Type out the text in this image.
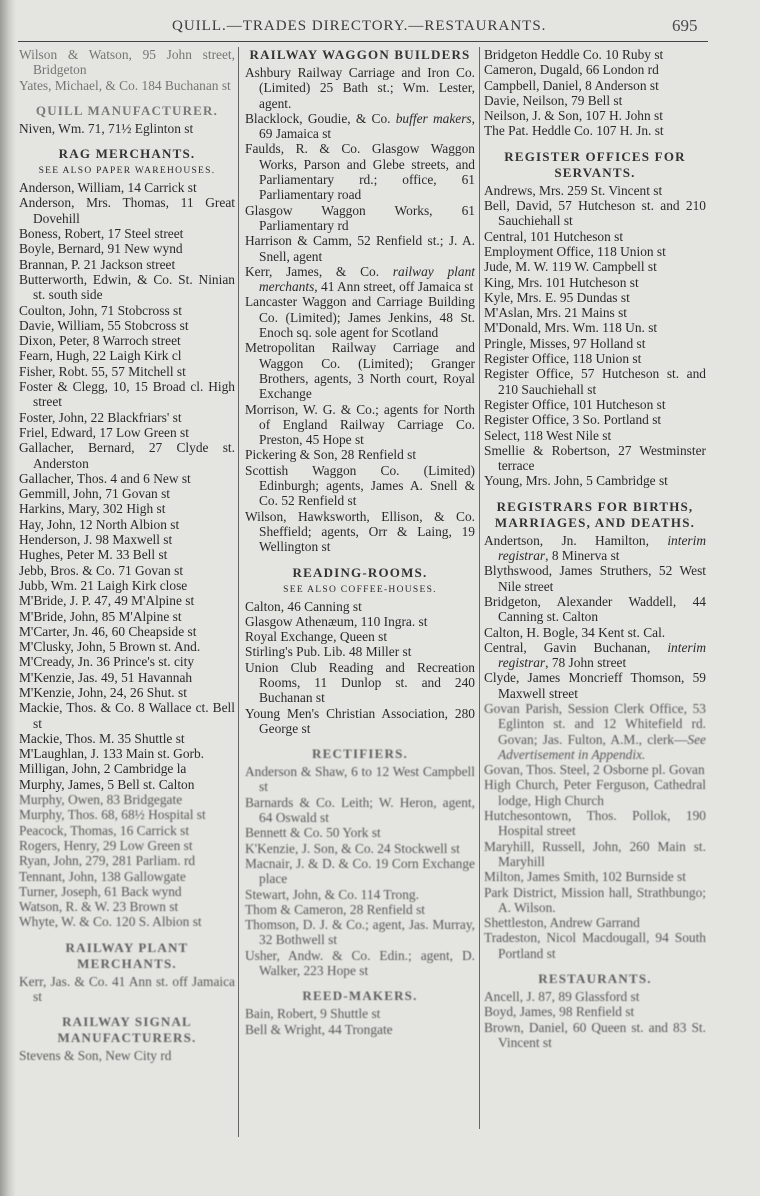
QUILL.—TRADES DIRECTORY.—RESTAURANTS.	695
Wilson & Watson, 95 John street, Bridgeton
Yates, Michael, & Co. 184 Buchanan st
QUILL MANUFACTURER.
Niven, Wm. 71, 71½ Eglinton st
RAG MERCHANTS.
SEE ALSO PAPER WAREHOUSES.
Anderson, William, 14 Carrick st
Anderson, Mrs. Thomas, 11 Great Dovehill
Boness, Robert, 17 Steel street
Boyle, Bernard, 91 New wynd
Brannan, P. 21 Jackson street
Butterworth, Edwin, & Co. St. Ninian st. south side
Coulton, John, 71 Stobcross st
Davie, William, 55 Stobcross st
Dixon, Peter, 8 Warroch street
Fearn, Hugh, 22 Laigh Kirk cl
Fisher, Robt. 55, 57 Mitchell st
Foster & Clegg, 10, 15 Broad cl. High street
Foster, John, 22 Blackfriars' st
Friel, Edward, 17 Low Green st
Gallacher, Bernard, 27 Clyde st. Anderston
Gallacher, Thos. 4 and 6 New st
Gemmill, John, 71 Govan st
Harkins, Mary, 302 High st
Hay, John, 12 North Albion st
Henderson, J. 98 Maxwell st
Hughes, Peter M. 33 Bell st
Jebb, Bros. & Co. 71 Govan st
Jubb, Wm. 21 Laigh Kirk close
M'Bride, J. P. 47, 49 M'Alpine st
M'Bride, John, 85 M'Alpine st
M'Carter, Jn. 46, 60 Cheapside st
M'Clusky, John, 5 Brown st. And.
M'Cready, Jn. 36 Prince's st. city
M'Kenzie, Jas. 49, 51 Havannah
M'Kenzie, John, 24, 26 Shut. st
Mackie, Thos. & Co. 8 Wallace ct. Bell st
Mackie, Thos. M. 35 Shuttle st
M'Laughlan, J. 133 Main st. Gorb.
Milligan, John, 2 Cambridge la
Murphy, James, 5 Bell st. Calton
Murphy, Owen, 83 Bridgegate
Murphy, Thos. 68, 68½ Hospital st
Peacock, Thomas, 16 Carrick st
Rogers, Henry, 29 Low Green st
Ryan, John, 279, 281 Parliam. rd
Tennant, John, 138 Gallowgate
Turner, Joseph, 61 Back wynd
Watson, R. & W. 23 Brown st
Whyte, W. & Co. 120 S. Albion st
RAILWAY PLANT MERCHANTS.
Kerr, Jas. & Co. 41 Ann st. off Jamaica st
RAILWAY SIGNAL MANUFACTURERS.
Stevens & Son, New City rd
RAILWAY WAGGON BUILDERS
Ashbury Railway Carriage and Iron Co. (Limited) 25 Bath st.; Wm. Lester, agent.
Blacklock, Goudie, & Co. buffer makers, 69 Jamaica st
Faulds, R. & Co. Glasgow Waggon Works, Parson and Glebe streets, and Parliamentary rd.; office, 61 Parliamentary road
Glasgow Waggon Works, 61 Parliamentary rd
Harrison & Camm, 52 Renfield st.; J. A. Snell, agent
Kerr, James, & Co. railway plant merchants, 41 Ann street, off Jamaica st
Lancaster Waggon and Carriage Building Co. (Limited); James Jenkins, 48 St. Enoch sq. sole agent for Scotland
Metropolitan Railway Carriage and Waggon Co. (Limited); Granger Brothers, agents, 3 North court, Royal Exchange
Morrison, W. G. & Co.; agents for North of England Railway Carriage Co. Preston, 45 Hope st
Pickering & Son, 28 Renfield st
Scottish Waggon Co. (Limited) Edinburgh; agents, James A. Snell & Co. 52 Renfield st
Wilson, Hawksworth, Ellison, & Co. Sheffield; agents, Orr & Laing, 19 Wellington st
READING-ROOMS.
SEE ALSO COFFEE-HOUSES.
Calton, 46 Canning st
Glasgow Athenæum, 110 Ingra. st
Royal Exchange, Queen st
Stirling's Pub. Lib. 48 Miller st
Union Club Reading and Recreation Rooms, 11 Dunlop st. and 240 Buchanan st
Young Men's Christian Association, 280 George st
RECTIFIERS.
Anderson & Shaw, 6 to 12 West Campbell st
Barnards & Co. Leith; W. Heron, agent, 64 Oswald st
Bennett & Co. 50 York st
K'Kenzie, J. Son, & Co. 24 Stockwell st
Macnair, J. & D. & Co. 19 Corn Exchange place
Stewart, John, & Co. 114 Trong.
Thom & Cameron, 28 Renfield st
Thomson, D. J. & Co.; agent, Jas. Murray, 32 Bothwell st
Usher, Andw. & Co. Edin.; agent, D. Walker, 223 Hope st
REED-MAKERS.
Bain, Robert, 9 Shuttle st
Bell & Wright, 44 Trongate
Bridgeton Heddle Co. 10 Ruby st
Cameron, Dugald, 66 London rd
Campbell, Daniel, 8 Anderson st
Davie, Neilson, 79 Bell st
Neilson, J. & Son, 107 H. John st
The Pat. Heddle Co. 107 H. Jn. st
REGISTER OFFICES FOR SERVANTS.
Andrews, Mrs. 259 St. Vincent st
Bell, David, 57 Hutcheson st. and 210 Sauchiehall st
Central, 101 Hutcheson st
Employment Office, 118 Union st
Jude, M. W. 119 W. Campbell st
King, Mrs. 101 Hutcheson st
Kyle, Mrs. E. 95 Dundas st
M'Aslan, Mrs. 21 Mains st
M'Donald, Mrs. Wm. 118 Un. st
Pringle, Misses, 97 Holland st
Register Office, 118 Union st
Register Office, 57 Hutcheson st. and 210 Sauchiehall st
Register Office, 101 Hutcheson st
Register Office, 3 So. Portland st
Select, 118 West Nile st
Smellie & Robertson, 27 Westminster terrace
Young, Mrs. John, 5 Cambridge st
REGISTRARS FOR BIRTHS, MARRIAGES, AND DEATHS.
Andertson, Jn. Hamilton, interim registrar, 8 Minerva st
Blythswood, James Struthers, 52 West Nile street
Bridgeton, Alexander Waddell, 44 Canning st. Calton
Calton, H. Bogle, 34 Kent st. Cal.
Central, Gavin Buchanan, interim registrar, 78 John street
Clyde, James Moncrieff Thomson, 59 Maxwell street
Govan Parish, Session Clerk Office, 53 Eglinton st. and 12 Whitefield rd. Govan; Jas. Fulton, A.M., clerk—See Advertisement in Appendix.
Govan, Thos. Steel, 2 Osborne pl. Govan
High Church, Peter Ferguson, Cathedral lodge, High Church
Hutchesontown, Thos. Pollok, 190 Hospital street
Maryhill, Russell, John, 260 Main st. Maryhill
Milton, James Smith, 102 Burnside st
Park District, Mission hall, Strathbungo; A. Wilson.
Shettleston, Andrew Garrand
Tradeston, Nicol Macdougall, 94 South Portland st
RESTAURANTS.
Ancell, J. 87, 89 Glassford st
Boyd, James, 98 Renfield st
Brown, Daniel, 60 Queen st. and 83 St. Vincent st
